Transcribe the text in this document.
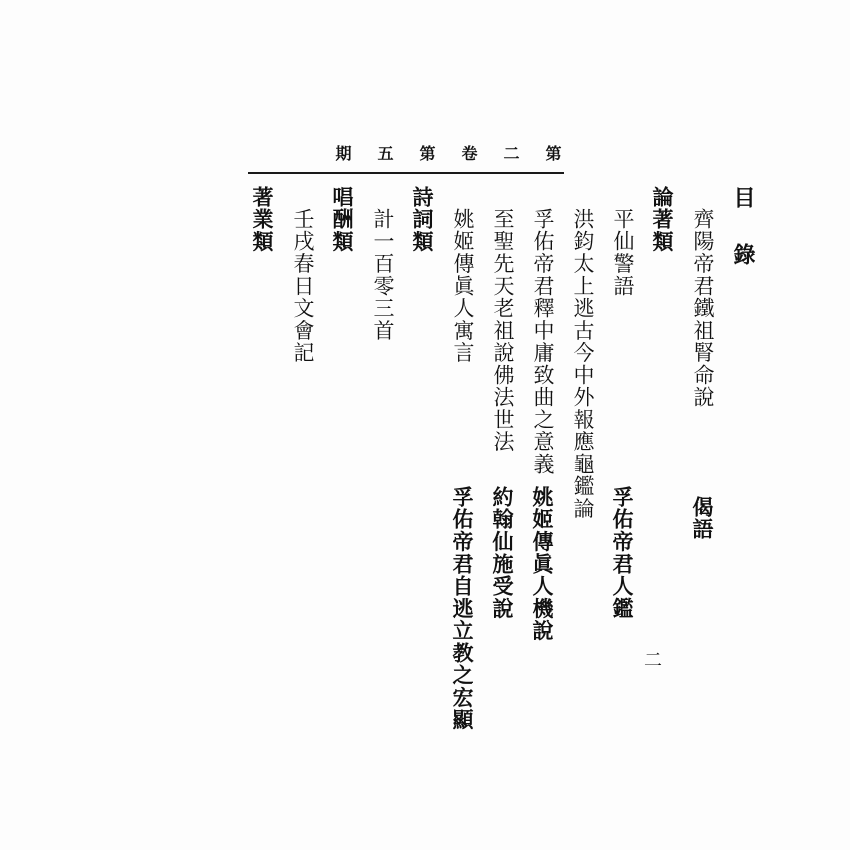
第
二
卷
第
五
期
目　錄
齊陽帝君鐵祖腎命說
偈語
論著類
平仙警語
孚佑帝君人鑑
洪鈞太上逃古今中外報應龜鑑論
孚佑帝君釋中庸致曲之意義
姚姬傳眞人機說
至聖先天老祖說佛法世法
約翰仙施受說
姚姬傳眞人寓言
孚佑帝君自逃立教之宏顯
詩詞類
計一百零三首
唱酬類
壬戌春日文會記
著業類
二
